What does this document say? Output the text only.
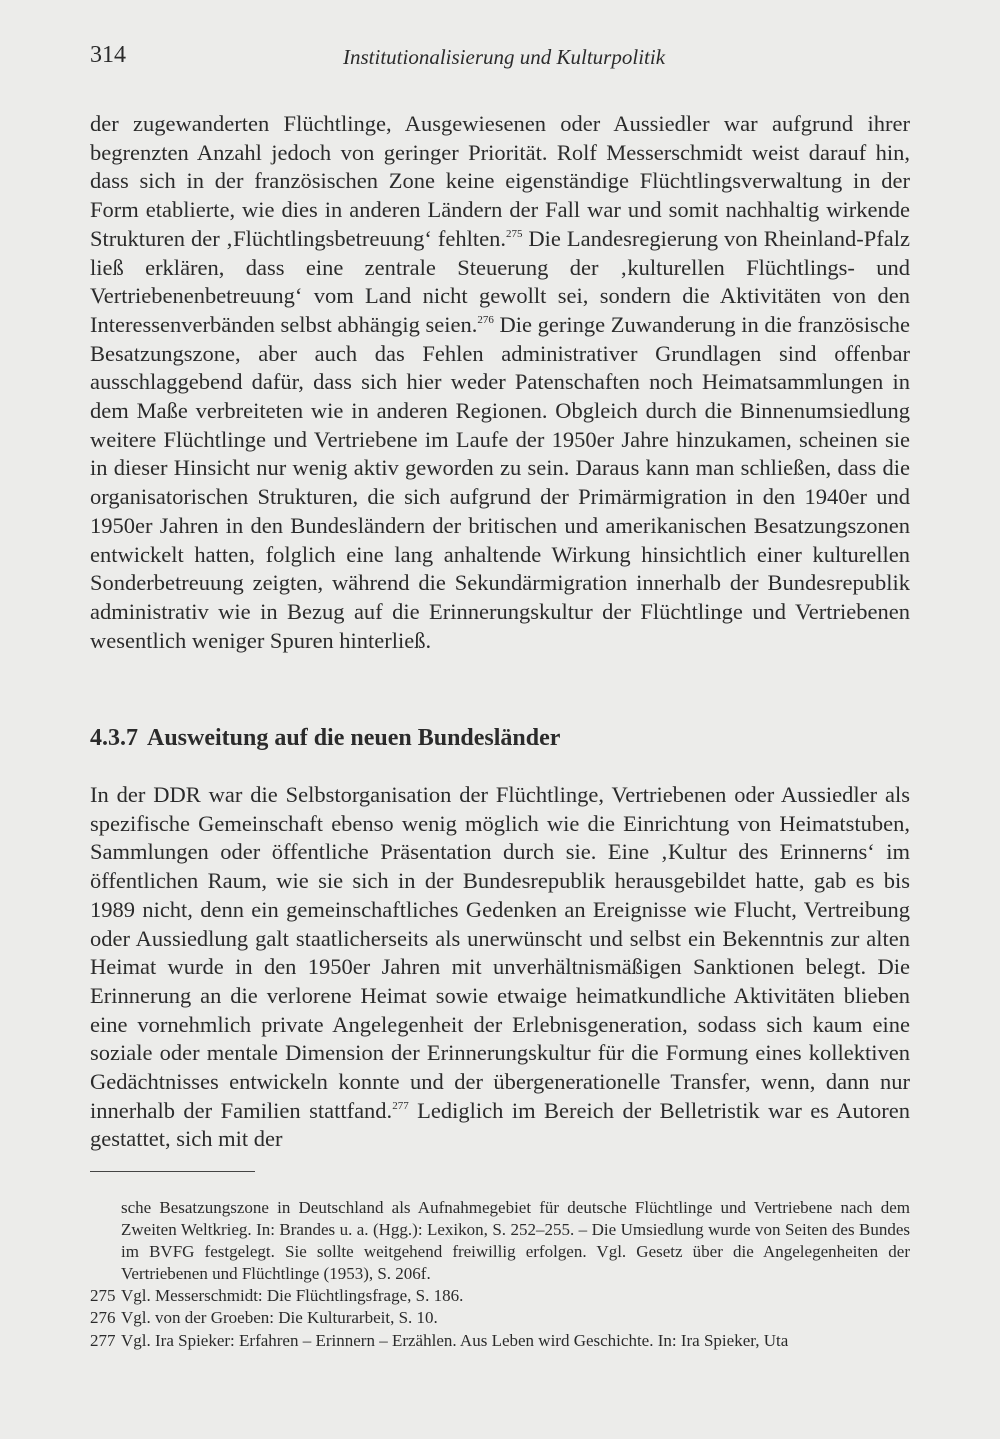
314	Institutionalisierung und Kulturpolitik

der zugewanderten Flüchtlinge, Ausgewiesenen oder Aussiedler war aufgrund ihrer begrenzten Anzahl jedoch von geringer Priorität. Rolf Messerschmidt weist darauf hin, dass sich in der französischen Zone keine eigenständige Flüchtlingsverwaltung in der Form etablierte, wie dies in anderen Ländern der Fall war und somit nachhaltig wirkende Strukturen der ‚Flüchtlingsbetreuung‘ fehlten.$^{275}$ Die Landesregierung von Rheinland-Pfalz ließ erklären, dass eine zentrale Steuerung der ‚kulturellen Flüchtlings- und Vertriebenenbetreuung‘ vom Land nicht gewollt sei, sondern die Aktivitäten von den Interessenverbänden selbst abhängig seien.$^{276}$ Die geringe Zuwanderung in die französische Besatzungszone, aber auch das Fehlen administrativer Grundlagen sind offenbar ausschlaggebend dafür, dass sich hier weder Patenschaften noch Heimatsammlungen in dem Maße verbreiteten wie in anderen Regionen. Obgleich durch die Binnenumsiedlung weitere Flüchtlinge und Vertriebene im Laufe der 1950er Jahre hinzukamen, scheinen sie in dieser Hinsicht nur wenig aktiv geworden zu sein. Daraus kann man schließen, dass die organisatorischen Strukturen, die sich aufgrund der Primärmigration in den 1940er und 1950er Jahren in den Bundesländern der britischen und amerikanischen Besatzungszonen entwickelt hatten, folglich eine lang anhaltende Wirkung hinsichtlich einer kulturellen Sonderbetreuung zeigten, während die Sekundärmigration innerhalb der Bundesrepublik administrativ wie in Bezug auf die Erinnerungskultur der Flüchtlinge und Vertriebenen wesentlich weniger Spuren hinterließ.

4.3.7 Ausweitung auf die neuen Bundesländer

In der DDR war die Selbstorganisation der Flüchtlinge, Vertriebenen oder Aussiedler als spezifische Gemeinschaft ebenso wenig möglich wie die Einrichtung von Heimatstuben, Sammlungen oder öffentliche Präsentation durch sie. Eine ‚Kultur des Erinnerns‘ im öffentlichen Raum, wie sie sich in der Bundesrepublik herausgebildet hatte, gab es bis 1989 nicht, denn ein gemeinschaftliches Gedenken an Ereignisse wie Flucht, Vertreibung oder Aussiedlung galt staatlicherseits als unerwünscht und selbst ein Bekenntnis zur alten Heimat wurde in den 1950er Jahren mit unverhältnismäßigen Sanktionen belegt. Die Erinnerung an die verlorene Heimat sowie etwaige heimatkundliche Aktivitäten blieben eine vornehmlich private Angelegenheit der Erlebnisgeneration, sodass sich kaum eine soziale oder mentale Dimension der Erinnerungskultur für die Formung eines kollektiven Gedächtnisses entwickeln konnte und der übergenerationelle Transfer, wenn, dann nur innerhalb der Familien stattfand.$^{277}$ Lediglich im Bereich der Belletristik war es Autoren gestattet, sich mit der

sche Besatzungszone in Deutschland als Aufnahmegebiet für deutsche Flüchtlinge und Vertriebene nach dem Zweiten Weltkrieg. In: Brandes u. a. (Hgg.): Lexikon, S. 252–255. – Die Umsiedlung wurde von Seiten des Bundes im BVFG festgelegt. Sie sollte weitgehend freiwillig erfolgen. Vgl. Gesetz über die Angelegenheiten der Vertriebenen und Flüchtlinge (1953), S. 206f.

275 Vgl. Messerschmidt: Die Flüchtlingsfrage, S. 186.

276 Vgl. von der Groeben: Die Kulturarbeit, S. 10.

277 Vgl. Ira Spieker: Erfahren – Erinnern – Erzählen. Aus Leben wird Geschichte. In: Ira Spieker, Uta
